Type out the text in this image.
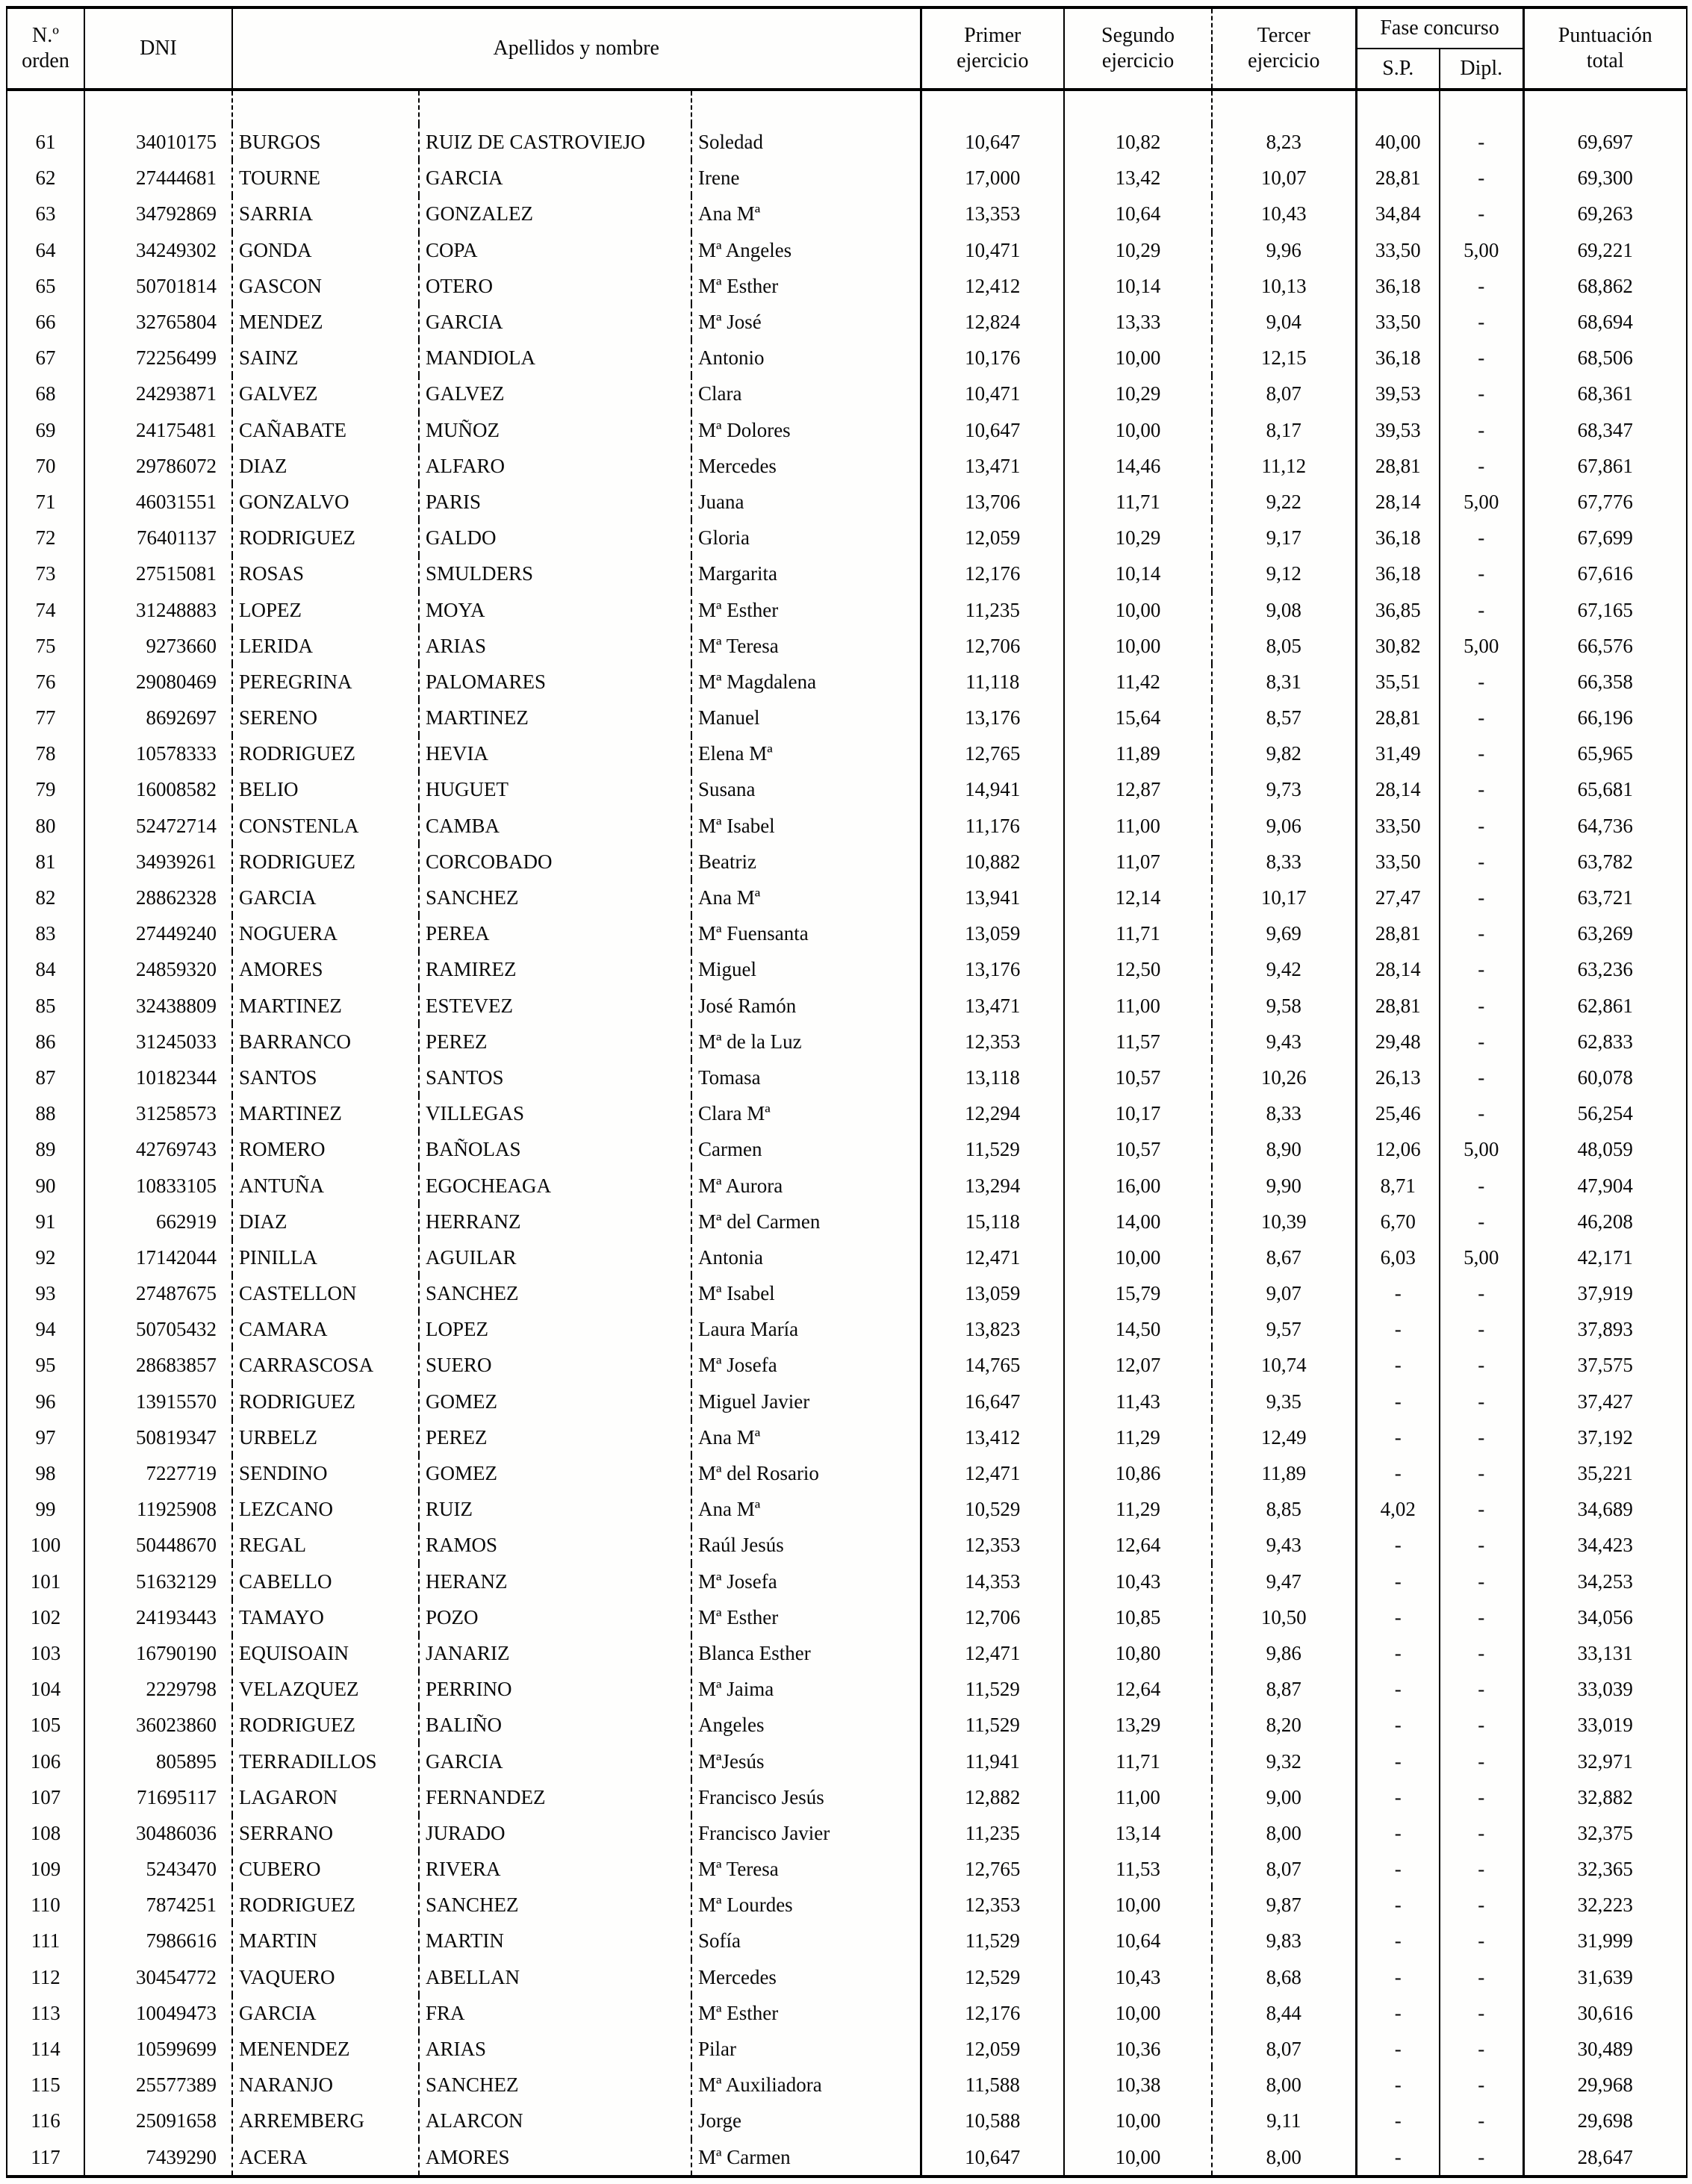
N.º
orden
	DNI	Apellidos y nombre	
Primer
ejercicio

Segundo
ejercicio

Tercer
ejercicio
	Fase concurso	Puntuación
total

								S.P.	Dipl.	

61	34010175	BURGOS	RUIZ DE CASTROVIEJO	Soledad	10,647	10,82	8,23	40,00	-	69,697
62	27444681	TOURNE	GARCIA	Irene	17,000	13,42	10,07	28,81	-	69,300
63	34792869	SARRIA	GONZALEZ	Ana Mª	13,353	10,64	10,43	34,84	-	69,263
64	34249302	GONDA	COPA	Mª Angeles	10,471	10,29	9,96	33,50	5,00	69,221
65	50701814	GASCON	OTERO	Mª Esther	12,412	10,14	10,13	36,18	-	68,862
66	32765804	MENDEZ	GARCIA	Mª José	12,824	13,33	9,04	33,50	-	68,694
67	72256499	SAINZ	MANDIOLA	Antonio	10,176	10,00	12,15	36,18	-	68,506
68	24293871	GALVEZ	GALVEZ	Clara	10,471	10,29	8,07	39,53	-	68,361
69	24175481	CAÑABATE	MUÑOZ	Mª Dolores	10,647	10,00	8,17	39,53	-	68,347
70	29786072	DIAZ	ALFARO	Mercedes	13,471	14,46	11,12	28,81	-	67,861
71	46031551	GONZALVO	PARIS	Juana	13,706	11,71	9,22	28,14	5,00	67,776
72	76401137	RODRIGUEZ	GALDO	Gloria	12,059	10,29	9,17	36,18	-	67,699
73	27515081	ROSAS	SMULDERS	Margarita	12,176	10,14	9,12	36,18	-	67,616
74	31248883	LOPEZ	MOYA	Mª Esther	11,235	10,00	9,08	36,85	-	67,165
75	9273660	LERIDA	ARIAS	Mª Teresa	12,706	10,00	8,05	30,82	5,00	66,576
76	29080469	PEREGRINA	PALOMARES	Mª Magdalena	11,118	11,42	8,31	35,51	-	66,358
77	8692697	SERENO	MARTINEZ	Manuel	13,176	15,64	8,57	28,81	-	66,196
78	10578333	RODRIGUEZ	HEVIA	Elena Mª	12,765	11,89	9,82	31,49	-	65,965
79	16008582	BELIO	HUGUET	Susana	14,941	12,87	9,73	28,14	-	65,681
80	52472714	CONSTENLA	CAMBA	Mª Isabel	11,176	11,00	9,06	33,50	-	64,736
81	34939261	RODRIGUEZ	CORCOBADO	Beatriz	10,882	11,07	8,33	33,50	-	63,782
82	28862328	GARCIA	SANCHEZ	Ana Mª	13,941	12,14	10,17	27,47	-	63,721
83	27449240	NOGUERA	PEREA	Mª Fuensanta	13,059	11,71	9,69	28,81	-	63,269
84	24859320	AMORES	RAMIREZ	Miguel	13,176	12,50	9,42	28,14	-	63,236
85	32438809	MARTINEZ	ESTEVEZ	José Ramón	13,471	11,00	9,58	28,81	-	62,861
86	31245033	BARRANCO	PEREZ	Mª de la Luz	12,353	11,57	9,43	29,48	-	62,833
87	10182344	SANTOS	SANTOS	Tomasa	13,118	10,57	10,26	26,13	-	60,078
88	31258573	MARTINEZ	VILLEGAS	Clara Mª	12,294	10,17	8,33	25,46	-	56,254
89	42769743	ROMERO	BAÑOLAS	Carmen	11,529	10,57	8,90	12,06	5,00	48,059
90	10833105	ANTUÑA	EGOCHEAGA	Mª Aurora	13,294	16,00	9,90	8,71	-	47,904
91	662919	DIAZ	HERRANZ	Mª del Carmen	15,118	14,00	10,39	6,70	-	46,208
92	17142044	PINILLA	AGUILAR	Antonia	12,471	10,00	8,67	6,03	5,00	42,171
93	27487675	CASTELLON	SANCHEZ	Mª Isabel	13,059	15,79	9,07	-	-	37,919
94	50705432	CAMARA	LOPEZ	Laura María	13,823	14,50	9,57	-	-	37,893
95	28683857	CARRASCOSA	SUERO	Mª Josefa	14,765	12,07	10,74	-	-	37,575
96	13915570	RODRIGUEZ	GOMEZ	Miguel Javier	16,647	11,43	9,35	-	-	37,427
97	50819347	URBELZ	PEREZ	Ana Mª	13,412	11,29	12,49	-	-	37,192
98	7227719	SENDINO	GOMEZ	Mª del Rosario	12,471	10,86	11,89	-	-	35,221
99	11925908	LEZCANO	RUIZ	Ana Mª	10,529	11,29	8,85	4,02	-	34,689
100	50448670	REGAL	RAMOS	Raúl Jesús	12,353	12,64	9,43	-	-	34,423
101	51632129	CABELLO	HERANZ	Mª Josefa	14,353	10,43	9,47	-	-	34,253
102	24193443	TAMAYO	POZO	Mª Esther	12,706	10,85	10,50	-	-	34,056
103	16790190	EQUISOAIN	JANARIZ	Blanca Esther	12,471	10,80	9,86	-	-	33,131
104	2229798	VELAZQUEZ	PERRINO	Mª Jaima	11,529	12,64	8,87	-	-	33,039
105	36023860	RODRIGUEZ	BALIÑO	Angeles	11,529	13,29	8,20	-	-	33,019
106	805895	TERRADILLOS	GARCIA	MªJesús	11,941	11,71	9,32	-	-	32,971
107	71695117	LAGARON	FERNANDEZ	Francisco Jesús	12,882	11,00	9,00	-	-	32,882
108	30486036	SERRANO	JURADO	Francisco Javier	11,235	13,14	8,00	-	-	32,375
109	5243470	CUBERO	RIVERA	Mª Teresa	12,765	11,53	8,07	-	-	32,365
110	7874251	RODRIGUEZ	SANCHEZ	Mª Lourdes	12,353	10,00	9,87	-	-	32,223
111	7986616	MARTIN	MARTIN	Sofía	11,529	10,64	9,83	-	-	31,999
112	30454772	VAQUERO	ABELLAN	Mercedes	12,529	10,43	8,68	-	-	31,639
113	10049473	GARCIA	FRA	Mª Esther	12,176	10,00	8,44	-	-	30,616
114	10599699	MENENDEZ	ARIAS	Pilar	12,059	10,36	8,07	-	-	30,489
115	25577389	NARANJO	SANCHEZ	Mª Auxiliadora	11,588	10,38	8,00	-	-	29,968
116	25091658	ARREMBERG	ALARCON	Jorge	10,588	10,00	9,11	-	-	29,698
117	7439290	ACERA	AMORES	Mª Carmen	10,647	10,00	8,00	-	-	28,647
